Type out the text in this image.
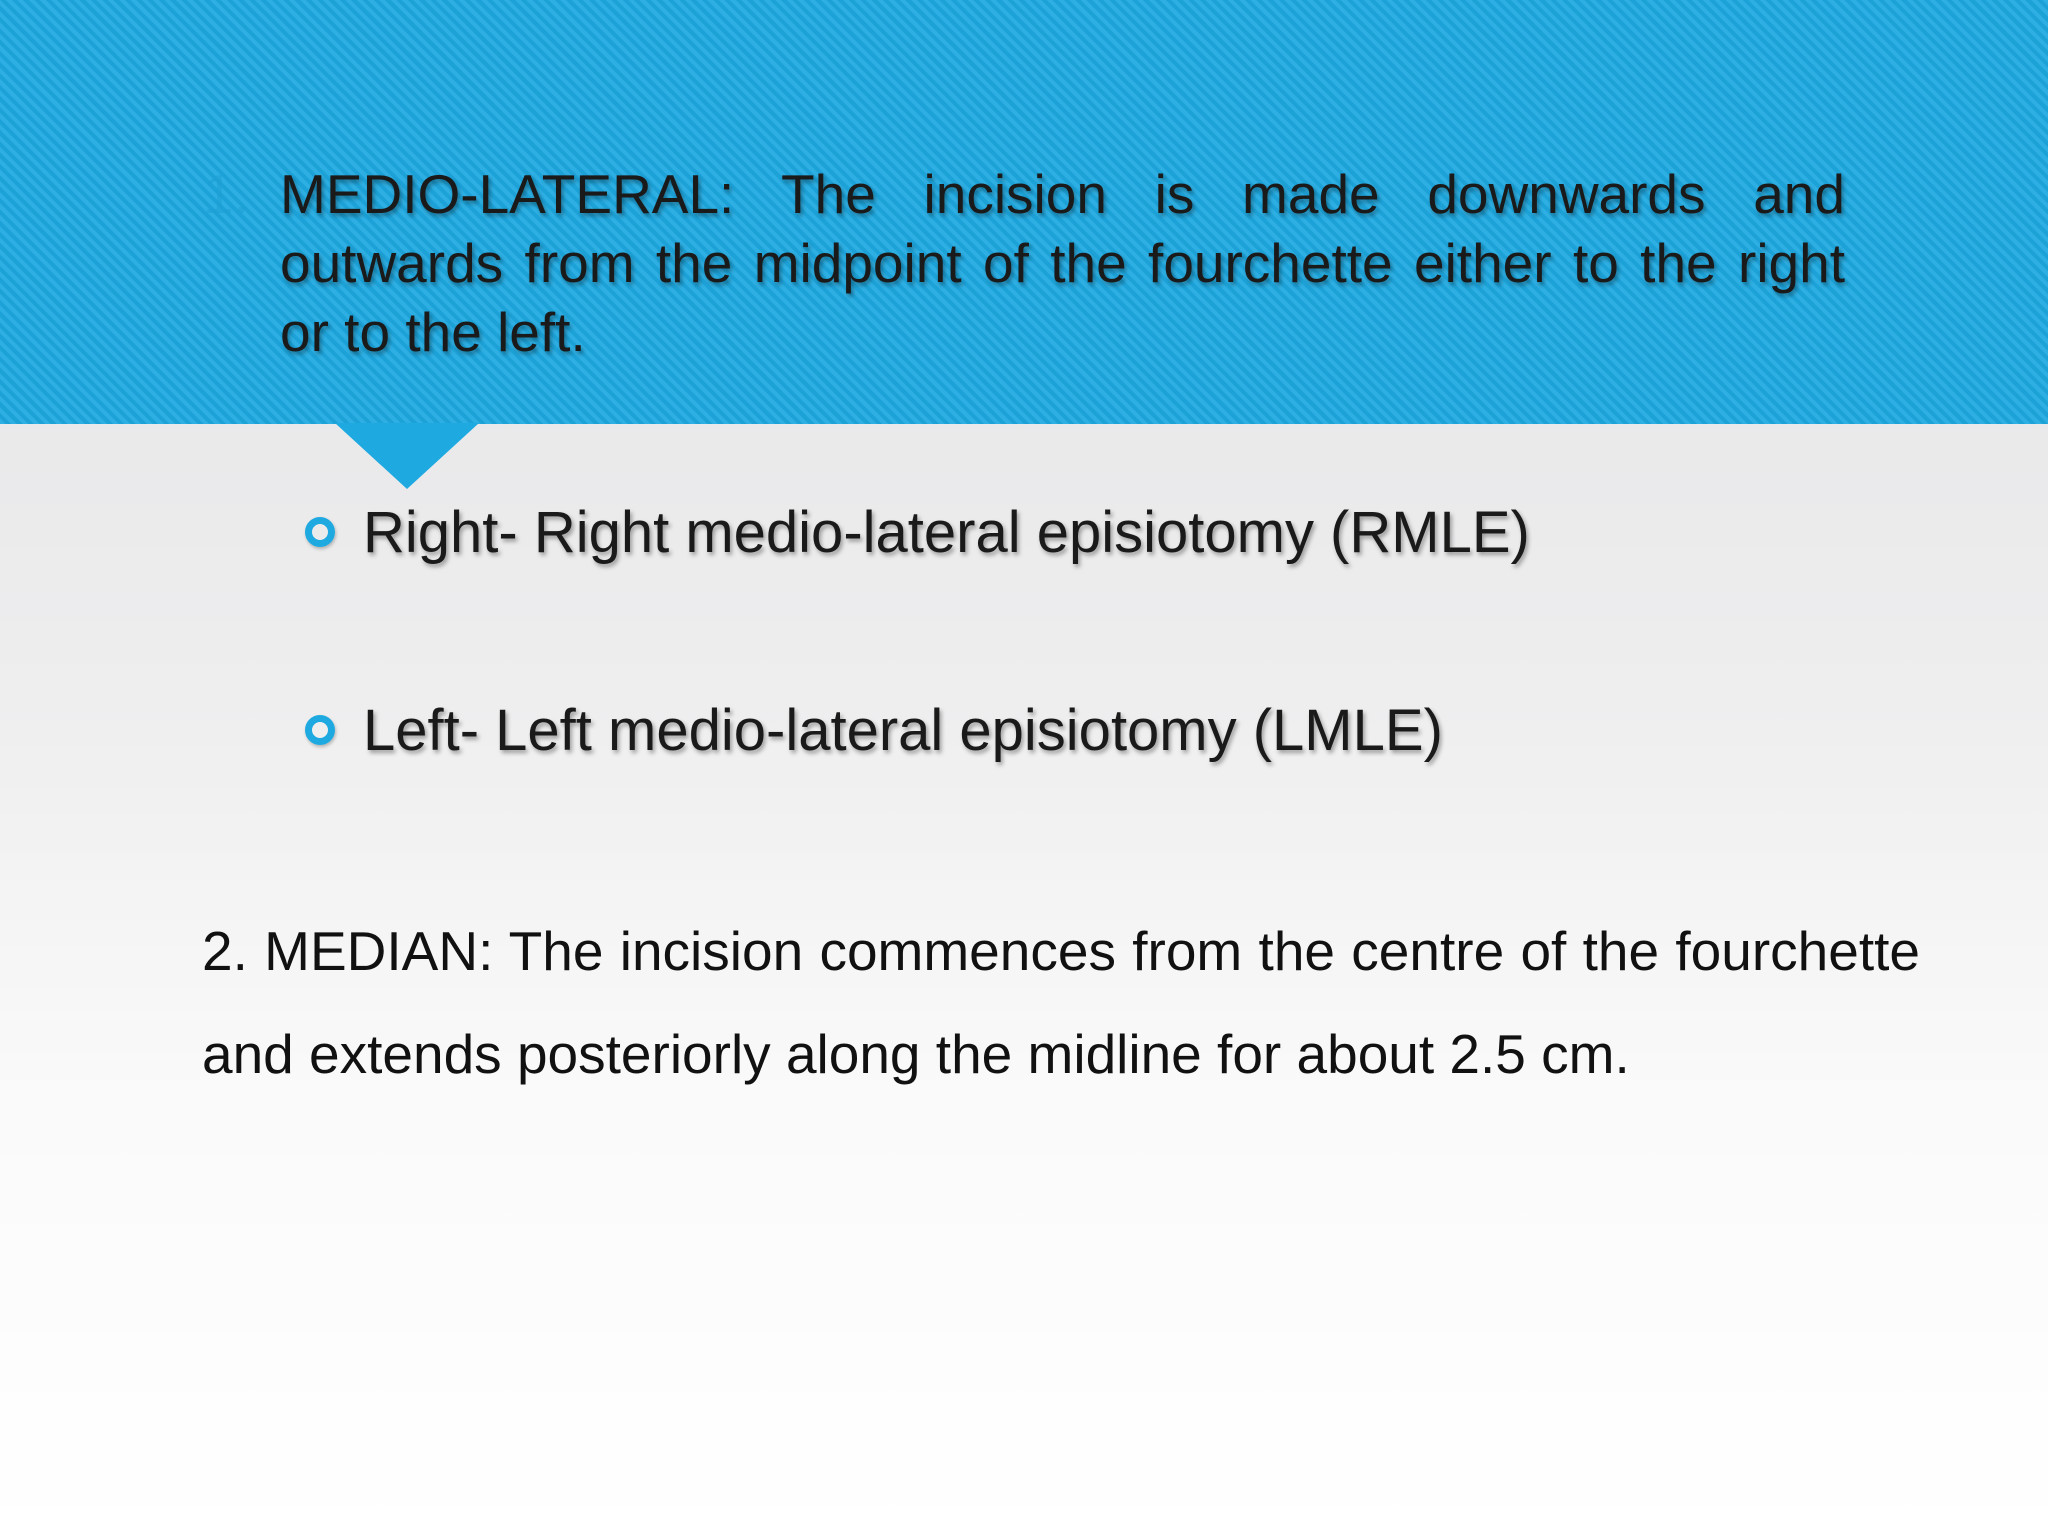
1. MEDIO-LATERAL: The incision is made downwards and outwards from the midpoint of the fourchette either to the right or to the left.
Right- Right medio-lateral episiotomy (RMLE)
Left- Left medio-lateral episiotomy (LMLE)
2. MEDIAN: The incision commences from the centre of the fourchette and extends posteriorly along the midline for about 2.5 cm.
